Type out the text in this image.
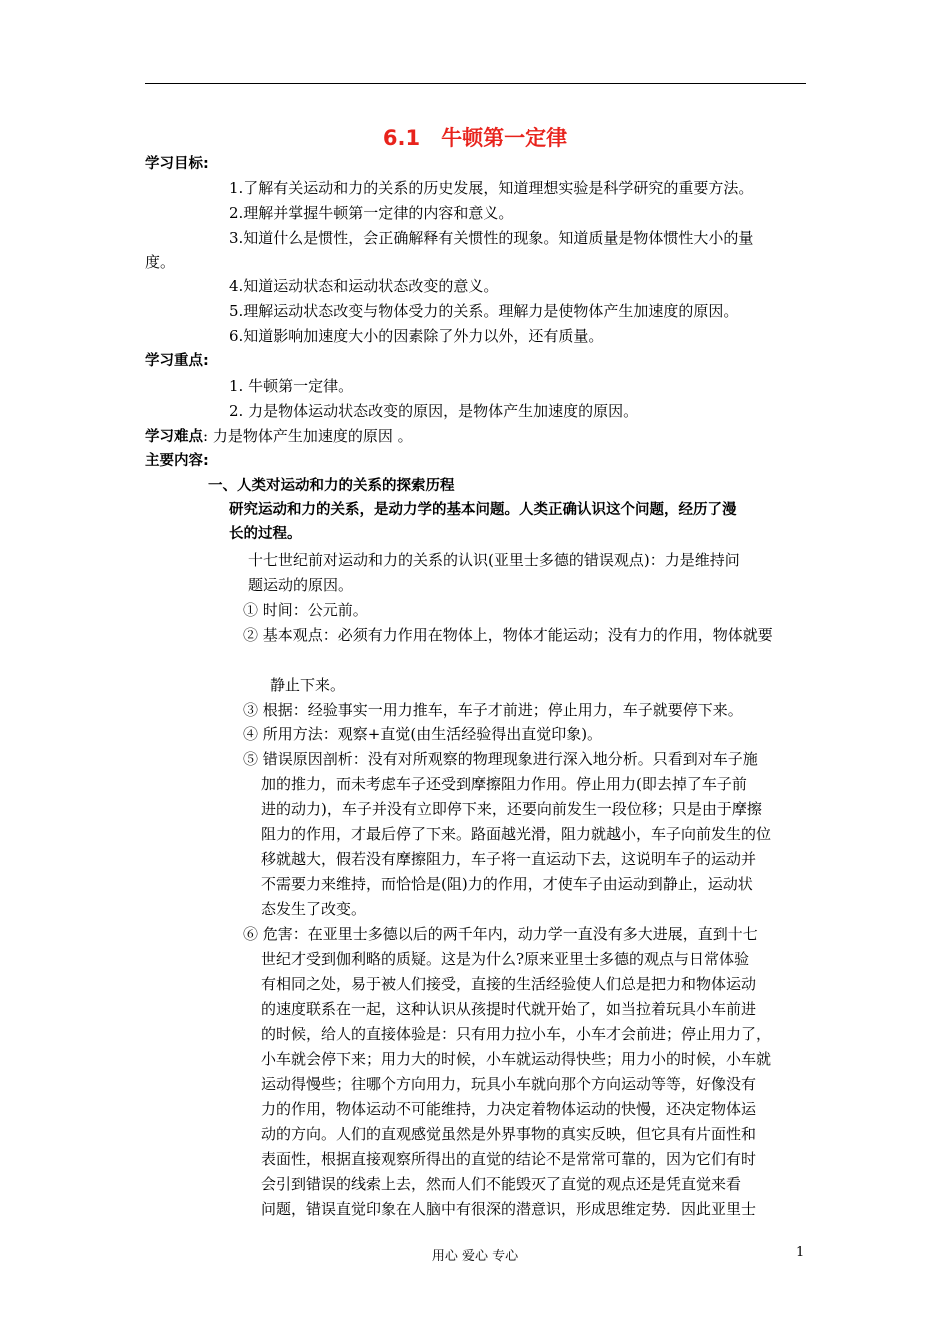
6.1　牛顿第一定律
学习目标:
1.了解有关运动和力的关系的历史发展，知道理想实验是科学研究的重要方法。
2.理解并掌握牛顿第一定律的内容和意义。
3.知道什么是惯性，会正确解释有关惯性的现象。知道质量是物体惯性大小的量
度。
4.知道运动状态和运动状态改变的意义。
5.理解运动状态改变与物体受力的关系。理解力是使物体产生加速度的原因。
6.知道影响加速度大小的因素除了外力以外，还有质量。
学习重点:
1. 牛顿第一定律。
2. 力是物体运动状态改变的原因，是物体产生加速度的原因。
学习难点: 力是物体产生加速度的原因 。
主要内容:
一、人类对运动和力的关系的探索历程
研究运动和力的关系，是动力学的基本问题。人类正确认识这个问题，经历了漫
长的过程。
十七世纪前对运动和力的关系的认识(亚里士多德的错误观点)：力是维持问
题运动的原因。
① 时间：公元前。
② 基本观点：必须有力作用在物体上，物体才能运动；没有力的作用，物体就要
静止下来。
③ 根据：经验事实一用力推车，车子才前进；停止用力，车子就要停下来。
④ 所用方法：观察+直觉(由生活经验得出直觉印象)。
⑤ 错误原因剖析：没有对所观察的物理现象进行深入地分析。只看到对车子施
加的推力，而未考虑车子还受到摩擦阻力作用。停止用力(即去掉了车子前
进的动力)，车子并没有立即停下来，还要向前发生一段位移；只是由于摩擦
阻力的作用，才最后停了下来。路面越光滑，阻力就越小，车子向前发生的位
移就越大，假若没有摩擦阻力，车子将一直运动下去，这说明车子的运动并
不需要力来维持，而恰恰是(阻)力的作用，才使车子由运动到静止，运动状
态发生了改变。
⑥ 危害：在亚里士多德以后的两千年内，动力学一直没有多大进展，直到十七
世纪才受到伽利略的质疑。这是为什么?原来亚里士多德的观点与日常体验
有相同之处，易于被人们接受，直接的生活经验使人们总是把力和物体运动
的速度联系在一起，这种认识从孩提时代就开始了，如当拉着玩具小车前进
的时候，给人的直接体验是：只有用力拉小车，小车才会前进；停止用力了，
小车就会停下来；用力大的时候，小车就运动得快些；用力小的时候，小车就
运动得慢些；往哪个方向用力，玩具小车就向那个方向运动等等，好像没有
力的作用，物体运动不可能维持，力决定着物体运动的快慢，还决定物体运
动的方向。人们的直观感觉虽然是外界事物的真实反映，但它具有片面性和
表面性，根据直接观察所得出的直觉的结论不是常常可靠的，因为它们有时
会引到错误的线索上去，然而人们不能毁灭了直觉的观点还是凭直觉来看
问题，错误直觉印象在人脑中有很深的潜意识，形成思维定势．因此亚里士
用心 爱心 专心	1
